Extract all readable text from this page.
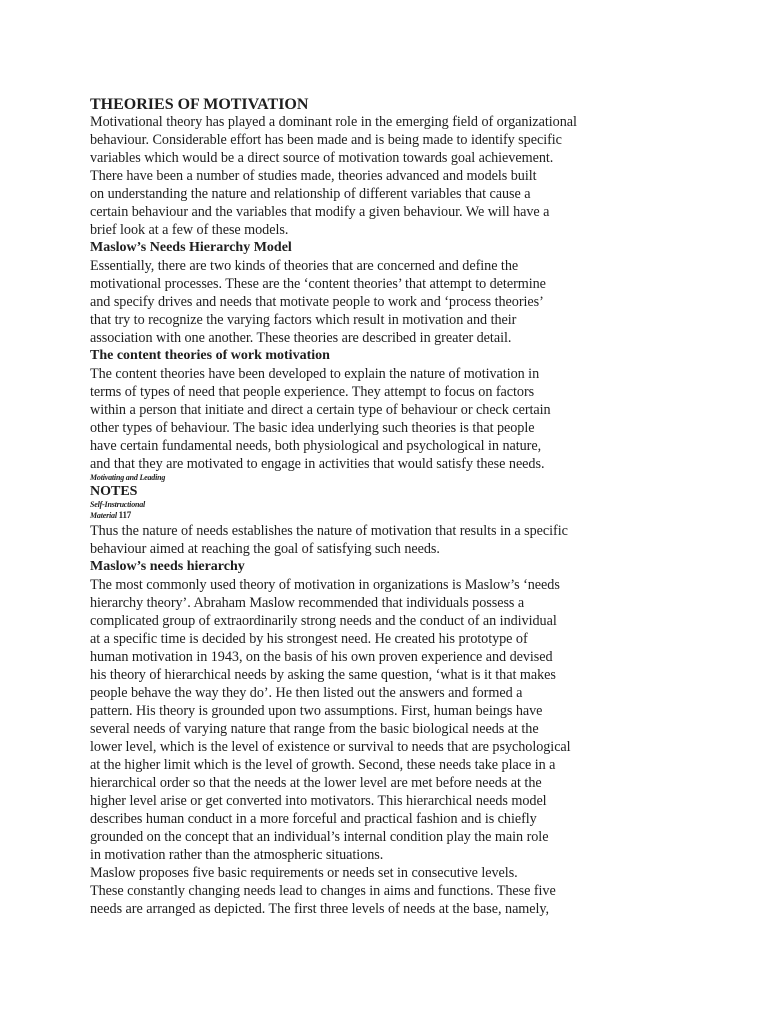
THEORIES OF MOTIVATION
Motivational theory has played a dominant role in the emerging field of organizational
behaviour. Considerable effort has been made and is being made to identify specific
variables which would be a direct source of motivation towards goal achievement.
There have been a number of studies made, theories advanced and models built
on understanding the nature and relationship of different variables that cause a
certain behaviour and the variables that modify a given behaviour. We will have a
brief look at a few of these models.
Maslow’s Needs Hierarchy Model
Essentially, there are two kinds of theories that are concerned and define the
motivational processes. These are the ‘content theories’ that attempt to determine
and specify drives and needs that motivate people to work and ‘process theories’
that try to recognize the varying factors which result in motivation and their
association with one another. These theories are described in greater detail.
The content theories of work motivation
The content theories have been developed to explain the nature of motivation in
terms of types of need that people experience. They attempt to focus on factors
within a person that initiate and direct a certain type of behaviour or check certain
other types of behaviour. The basic idea underlying such theories is that people
have certain fundamental needs, both physiological and psychological in nature,
and that they are motivated to engage in activities that would satisfy these needs.
Motivating and Leading
NOTES
Self-Instructional
Material 117
Thus the nature of needs establishes the nature of motivation that results in a specific
behaviour aimed at reaching the goal of satisfying such needs.
Maslow’s needs hierarchy
The most commonly used theory of motivation in organizations is Maslow’s ‘needs
hierarchy theory’. Abraham Maslow recommended that individuals possess a
complicated group of extraordinarily strong needs and the conduct of an individual
at a specific time is decided by his strongest need. He created his prototype of
human motivation in 1943, on the basis of his own proven experience and devised
his theory of hierarchical needs by asking the same question, ‘what is it that makes
people behave the way they do’. He then listed out the answers and formed a
pattern. His theory is grounded upon two assumptions. First, human beings have
several needs of varying nature that range from the basic biological needs at the
lower level, which is the level of existence or survival to needs that are psychological
at the higher limit which is the level of growth. Second, these needs take place in a
hierarchical order so that the needs at the lower level are met before needs at the
higher level arise or get converted into motivators. This hierarchical needs model
describes human conduct in a more forceful and practical fashion and is chiefly
grounded on the concept that an individual’s internal condition play the main role
in motivation rather than the atmospheric situations.
Maslow proposes five basic requirements or needs set in consecutive levels.
These constantly changing needs lead to changes in aims and functions. These five
needs are arranged as depicted. The first three levels of needs at the base, namely,
